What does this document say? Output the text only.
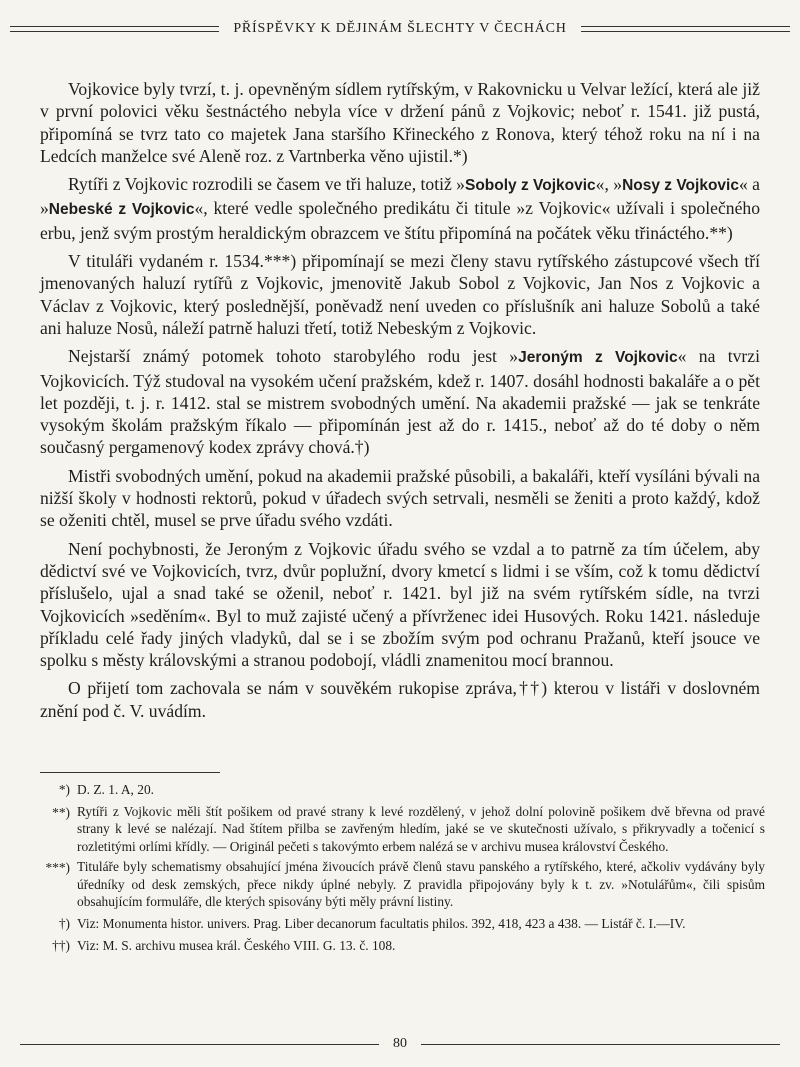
PŘÍSPĚVKY K DĚJINÁM ŠLECHTY V ČECHÁCH

Vojkovice byly tvrzí, t. j. opevněným sídlem rytířským, v Rakovnicku u Velvar ležící, která ale již v první polovici věku šestnáctého nebyla více v držení pánů z Vojkovic; neboť r. 1541. již pustá, připomíná se tvrz tato co majetek Jana staršího Křineckého z Ronova, který téhož roku na ní i na Ledcích manželce své Aleně roz. z Vartnberka věno ujistil.*)

Rytíři z Vojkovic rozrodili se časem ve tři haluze, totiž »Soboly z Vojkovic«, »Nosy z Vojkovic« a »Nebeské z Vojkovic«, které vedle společného predikátu či titule »z Vojkovic« užívali i společného erbu, jenž svým prostým heraldickým obrazcem ve štítu připomíná na počátek věku třináctého.**)

V tituláři vydaném r. 1534.***) připomínají se mezi členy stavu rytířského zástupcové všech tří jmenovaných haluzí rytířů z Vojkovic, jmenovitě Jakub Sobol z Vojkovic, Jan Nos z Vojkovic a Václav z Vojkovic, který poslednější, poněvadž není uveden co příslušník ani haluze Sobolů a také ani haluze Nosů, náleží patrně haluzi třetí, totiž Nebeským z Vojkovic.

Nejstarší známý potomek tohoto starobylého rodu jest »Jeroným z Vojkovic« na tvrzi Vojkovicích. Týž studoval na vysokém učení pražském, kdež r. 1407. dosáhl hodnosti bakaláře a o pět let později, t. j. r. 1412. stal se mistrem svobodných umění. Na akademii pražské — jak se tenkráte vysokým školám pražským říkalo — připomínán jest až do r. 1415., neboť až do té doby o něm současný pergamenový kodex zprávy chová.†)

Mistři svobodných umění, pokud na akademii pražské působili, a bakaláři, kteří vysíláni bývali na nižší školy v hodnosti rektorů, pokud v úřadech svých setrvali, nesměli se ženiti a proto každý, kdož se oženiti chtěl, musel se prve úřadu svého vzdáti.

Není pochybnosti, že Jeroným z Vojkovic úřadu svého se vzdal a to patrně za tím účelem, aby dědictví své ve Vojkovicích, tvrz, dvůr poplužní, dvory kmetcí s lidmi i se vším, což k tomu dědictví příslušelo, ujal a snad také se oženil, neboť r. 1421. byl již na svém rytířském sídle, na tvrzi Vojkovicích »seděním«. Byl to muž zajisté učený a přívrženec idei Husových. Roku 1421. následuje příkladu celé řady jiných vladyků, dal se i se zbožím svým pod ochranu Pražanů, kteří jsouce ve spolku s městy královskými a stranou podobojí, vládli znamenitou mocí brannou.

O přijetí tom zachovala se nám v souvěkém rukopise zpráva,††) kterou v listáři v doslovném znění pod č. V. uvádím.

*) D. Z. 1. A, 20.
**) Rytíři z Vojkovic měli štít pošikem od pravé strany k levé rozdělený, v jehož dolní polovině pošikem dvě břevna od pravé strany k levé se nalézají. Nad štítem přilba se zavřeným hledím, jaké se ve skutečnosti užívalo, s přikryvadly a točenicí s rozletitými orlími křídly. — Originál pečeti s takovýmto erbem nalézá se v archivu musea království Českého.
***) Tituláře byly schematismy obsahující jména živoucích právě členů stavu panského a rytířského, které, ačkoliv vydávány byly úředníky od desk zemských, přece nikdy úplné nebyly. Z pravidla připojovány byly k t. zv. »Notulářům«, čili spisům obsahujícím formuláře, dle kterých spisovány býti měly právní listiny.
†) Viz: Monumenta histor. univers. Prag. Liber decanorum facultatis philos. 392, 418, 423 a 438. — Listář č. I.—IV.
††) Viz: M. S. archivu musea král. Českého VIII. G. 13. č. 108.
80
